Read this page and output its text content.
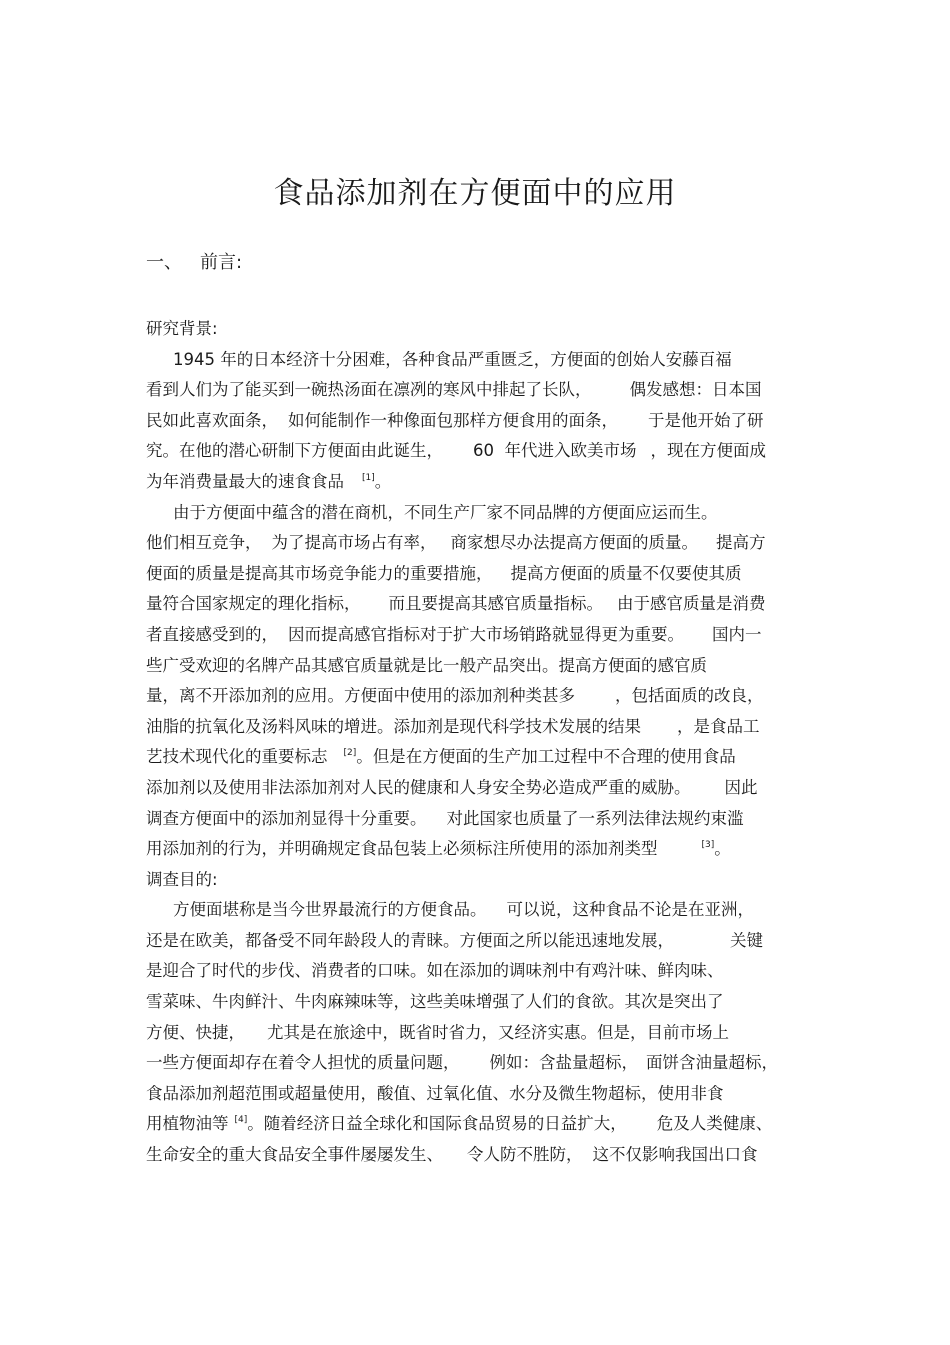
食品添加剂在方便面中的应用

一、 前言:

研究背景:
1945 年的日本经济十分困难，各种食品严重匮乏，方便面的创始人安藤百福
看到人们为了能买到一碗热汤面在凛冽的寒风中排起了长队， 偶发感想：日本国
民如此喜欢面条， 如何能制作一种像面包那样方便食用的面条， 于是他开始了研
究。在他的潜心研制下方便面由此诞生， 60  年代进入欧美市场 ，现在方便面成
为年消费量最大的速食食品 [1]。
由于方便面中蕴含的潜在商机，不同生产厂家不同品牌的方便面应运而生。
他们相互竞争， 为了提高市场占有率， 商家想尽办法提高方便面的质量。 提高方
便面的质量是提高其市场竞争能力的重要措施， 提高方便面的质量不仅要使其质
量符合国家规定的理化指标， 而且要提高其感官质量指标。 由于感官质量是消费
者直接感受到的， 因而提高感官指标对于扩大市场销路就显得更为重要。 国内一
些广受欢迎的名牌产品其感官质量就是比一般产品突出。提高方便面的感官质
量，离不开添加剂的应用。方便面中使用的添加剂种类甚多 ，包括面质的改良，
油脂的抗氧化及汤料风味的增进。添加剂是现代科学技术发展的结果 ，是食品工
艺技术现代化的重要标志 [2]。但是在方便面的生产加工过程中不合理的使用食品
添加剂以及使用非法添加剂对人民的健康和人身安全势必造成严重的威胁。 因此
调查方便面中的添加剂显得十分重要。 对此国家也质量了一系列法律法规约束滥
用添加剂的行为，并明确规定食品包装上必须标注所使用的添加剂类型	[3]。
调查目的:
方便面堪称是当今世界最流行的方便食品。 可以说，这种食品不论是在亚洲，
还是在欧美，都备受不同年龄段人的青睐。方便面之所以能迅速地发展，	关键
是迎合了时代的步伐、消费者的口味。如在添加的调味剂中有鸡汁味、鲜肉味、
雪菜味、牛肉鲜汁、牛肉麻辣味等，这些美味增强了人们的食欲。其次是突出了
方便、快捷， 尤其是在旅途中，既省时省力，又经济实惠。但是，目前市场上
一些方便面却存在着令人担忧的质量问题， 例如：含盐量超标， 面饼含油量超标，
食品添加剂超范围或超量使用，酸值、过氧化值、水分及微生物超标，使用非食
用植物油等 [4]。随着经济日益全球化和国际食品贸易的日益扩大， 危及人类健康、
生命安全的重大食品安全事件屡屡发生、 令人防不胜防， 这不仅影响我国出口食
